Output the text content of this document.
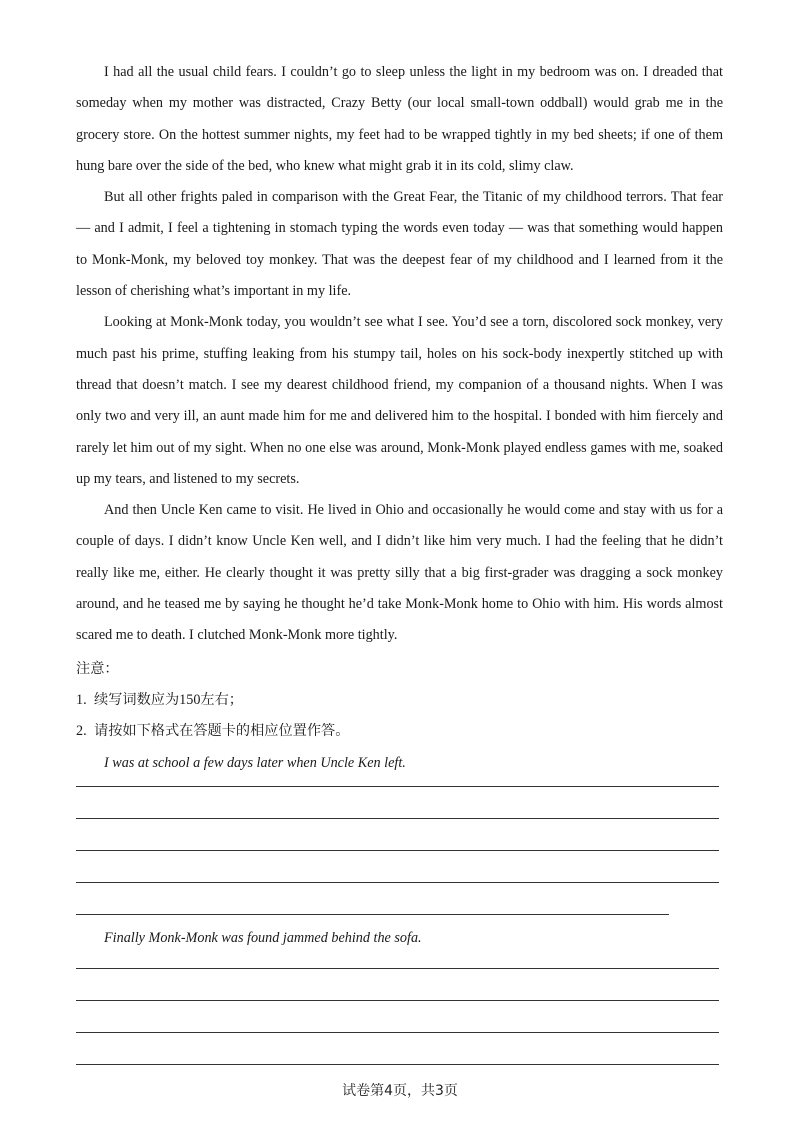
I had all the usual child fears. I couldn’t go to sleep unless the light in my bedroom was on. I dreaded that someday when my mother was distracted, Crazy Betty (our local small-town oddball) would grab me in the grocery store. On the hottest summer nights, my feet had to be wrapped tightly in my bed sheets; if one of them hung bare over the side of the bed, who knew what might grab it in its cold, slimy claw.

But all other frights paled in comparison with the Great Fear, the Titanic of my childhood terrors. That fear — and I admit, I feel a tightening in stomach typing the words even today — was that something would happen to Monk-Monk, my beloved toy monkey. That was the deepest fear of my childhood and I learned from it the lesson of cherishing what’s important in my life.

Looking at Monk-Monk today, you wouldn’t see what I see. You’d see a torn, discolored sock monkey, very much past his prime, stuffing leaking from his stumpy tail, holes on his sock-body inexpertly stitched up with thread that doesn’t match. I see my dearest childhood friend, my companion of a thousand nights. When I was only two and very ill, an aunt made him for me and delivered him to the hospital. I bonded with him fiercely and rarely let him out of my sight. When no one else was around, Monk-Monk played endless games with me, soaked up my tears, and listened to my secrets.

And then Uncle Ken came to visit. He lived in Ohio and occasionally he would come and stay with us for a couple of days. I didn’t know Uncle Ken well, and I didn’t like him very much. I had the feeling that he didn’t really like me, either. He clearly thought it was pretty silly that a big first-grader was dragging a sock monkey around, and he teased me by saying he thought he’d take Monk-Monk home to Ohio with him. His words almost scared me to death. I clutched Monk-Monk more tightly.

注意：

1. 续写词数应为150左右；

2. 请按如下格式在答题卡的相应位置作答。

I was at school a few days later when Uncle Ken left.

Finally Monk-Monk was found jammed behind the sofa.

试卷第4页，共3页
